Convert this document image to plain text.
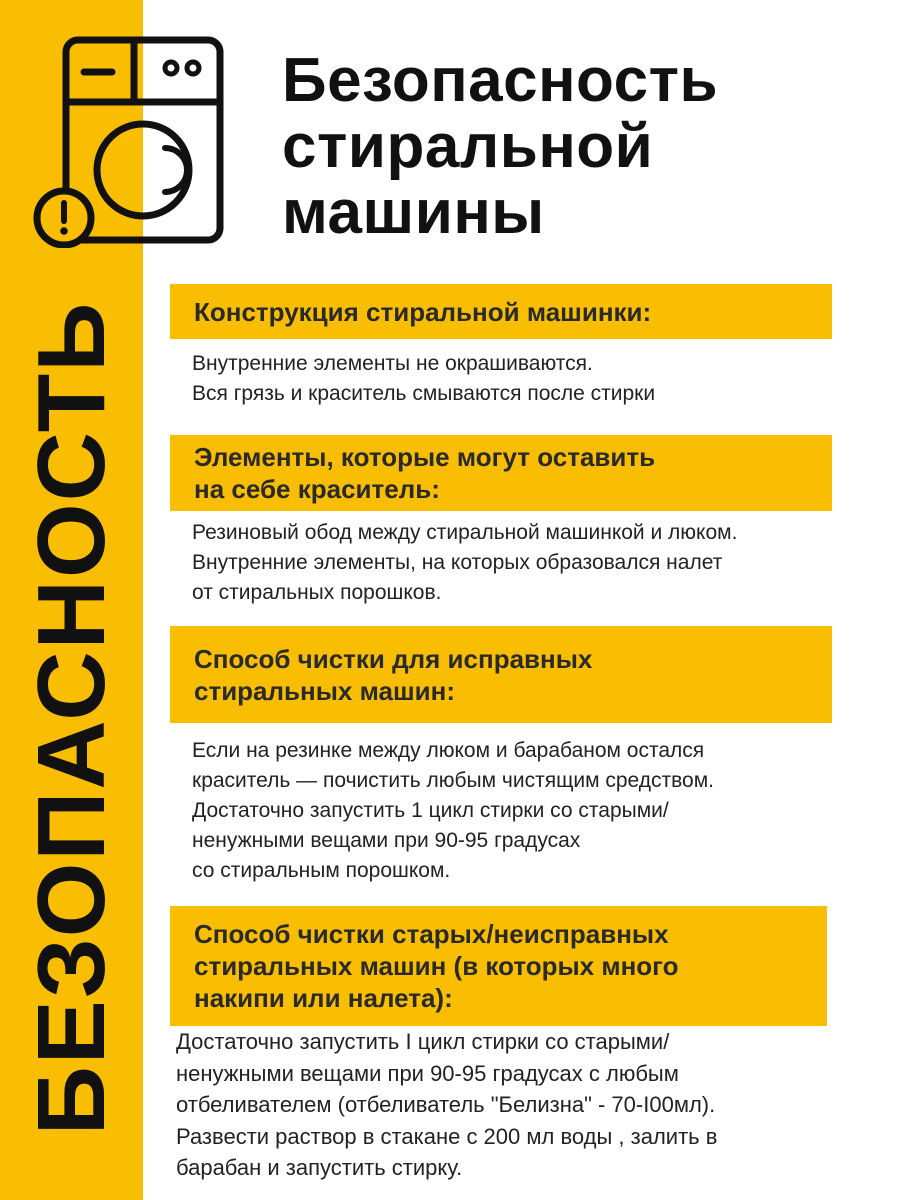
БЕЗОПАСНОСТЬ
Безопасность
стиральной
машины
Конструкция стиральной машинки:

Внутренние элементы не окрашиваются.
Вся грязь и краситель смываются после стирки

Элементы, которые могут оставить
на себе краситель:

Резиновый обод между стиральной машинкой и люком.
Внутренние элементы, на которых образовался налет
от стиральных порошков.

Способ чистки для исправных
стиральных машин:

Если на резинке между люком и барабаном остался
краситель — почистить любым чистящим средством.
Достаточно запустить 1 цикл стирки со старыми/
ненужными вещами при 90-95 градусах
со стиральным порошком.

Способ чистки старых/неисправных
стиральных машин (в которых много
накипи или налета):

Достаточно запустить I цикл стирки со старыми/
ненужными вещами при 90-95 градусах с любым
отбеливателем (отбеливатель "Белизна" - 70-I00мл).
Развести раствор в стакане с 200 мл воды , залить в
барабан и запустить стирку.
